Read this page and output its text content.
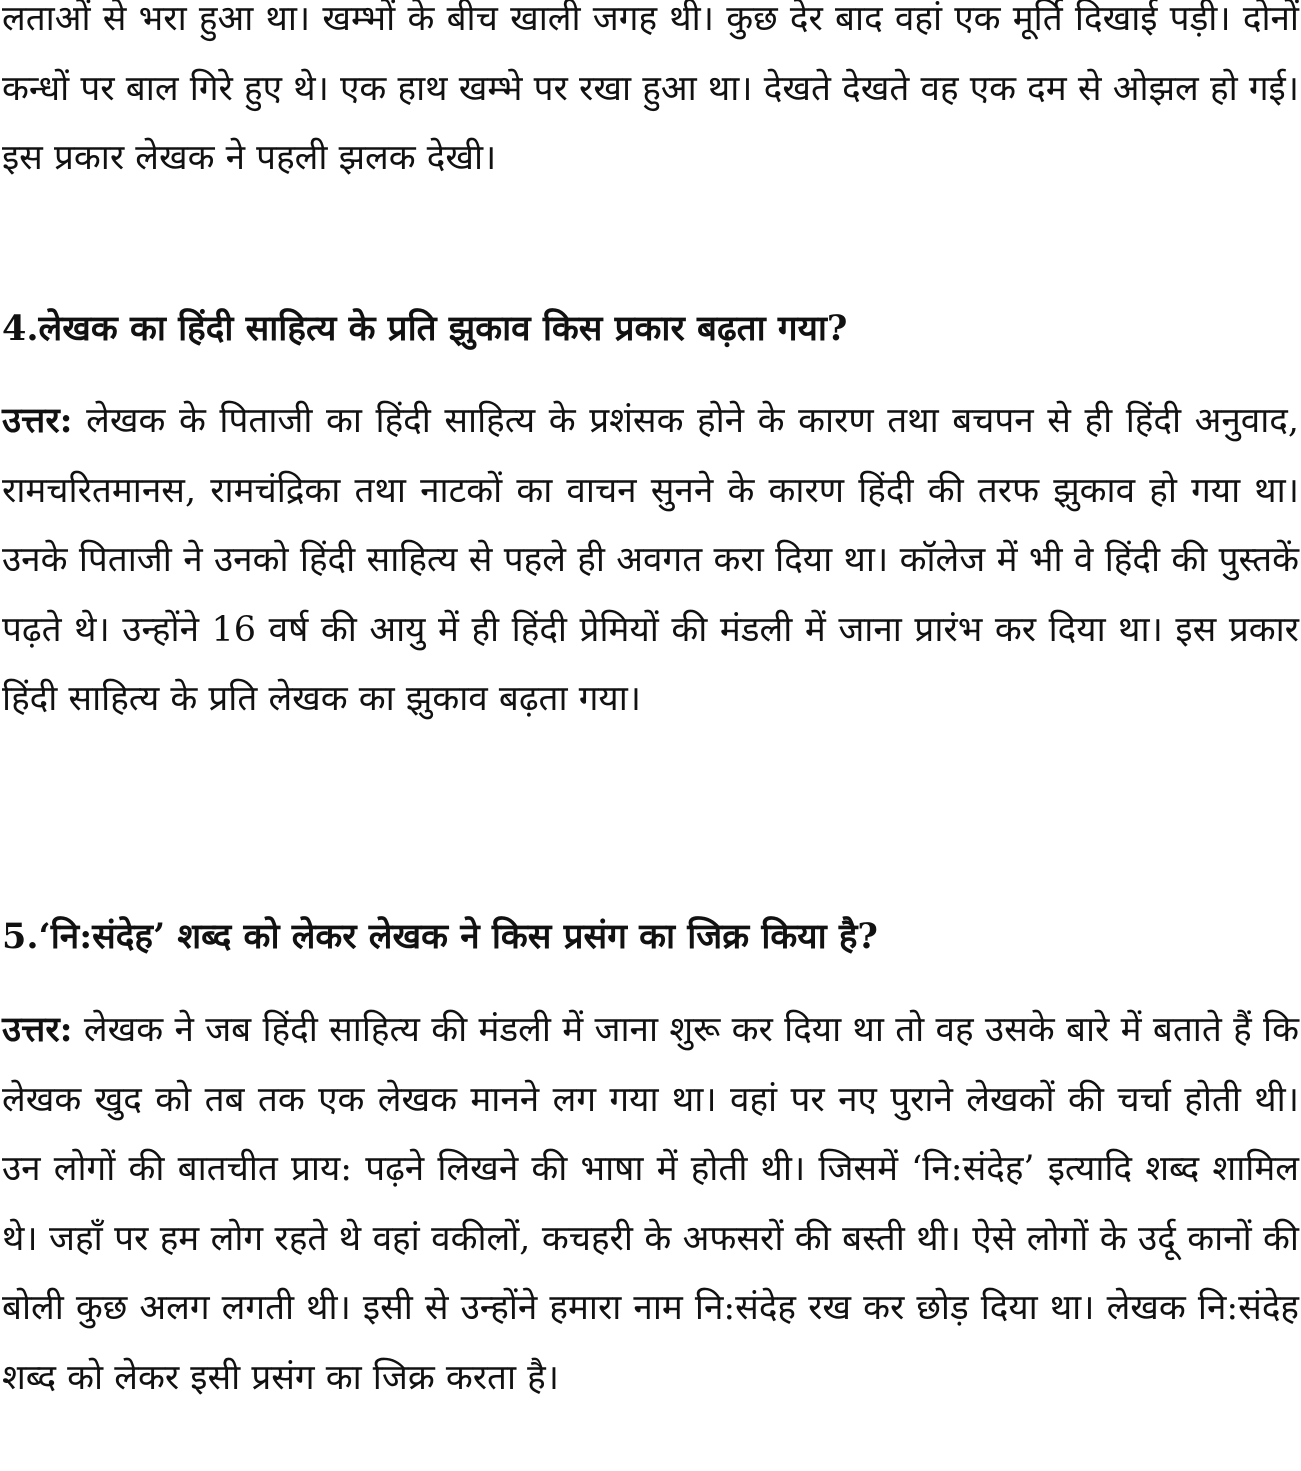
लताओं से भरा हुआ था। खम्भों के बीच खाली जगह थी। कुछ देर बाद वहां एक मूर्ति दिखाई पड़ी। दोनों कन्धों पर बाल गिरे हुए थे। एक हाथ खम्भे पर रखा हुआ था। देखते देखते वह एक दम से ओझल हो गई। इस प्रकार लेखक ने पहली झलक देखी।

4.लेखक का हिंदी साहित्य के प्रति झुकाव किस प्रकार बढ़ता गया?

उत्तर: लेखक के पिताजी का हिंदी साहित्य के प्रशंसक होने के कारण तथा बचपन से ही हिंदी अनुवाद, रामचरितमानस, रामचंद्रिका तथा नाटकों का वाचन सुनने के कारण हिंदी की तरफ झुकाव हो गया था। उनके पिताजी ने उनको हिंदी साहित्य से पहले ही अवगत करा दिया था। कॉलेज में भी वे हिंदी की पुस्तकें पढ़ते थे। उन्होंने 16 वर्ष की आयु में ही हिंदी प्रेमियों की मंडली में जाना प्रारंभ कर दिया था। इस प्रकार हिंदी साहित्य के प्रति लेखक का झुकाव बढ़ता गया।

5.‘नि:संदेह’ शब्द को लेकर लेखक ने किस प्रसंग का जिक्र किया है?

उत्तर: लेखक ने जब हिंदी साहित्य की मंडली में जाना शुरू कर दिया था तो वह उसके बारे में बताते हैं कि लेखक खुद को तब तक एक लेखक मानने लग गया था। वहां पर नए पुराने लेखकों की चर्चा होती थी। उन लोगों की बातचीत प्राय: पढ़ने लिखने की भाषा में होती थी। जिसमें ‘नि:संदेह’ इत्यादि शब्द शामिल थे। जहाँ पर हम लोग रहते थे वहां वकीलों, कचहरी के अफसरों की बस्ती थी। ऐसे लोगों के उर्दू कानों की बोली कुछ अलग लगती थी। इसी से उन्होंने हमारा नाम नि:संदेह रख कर छोड़ दिया था। लेखक नि:संदेह शब्द को लेकर इसी प्रसंग का जिक्र करता है।
